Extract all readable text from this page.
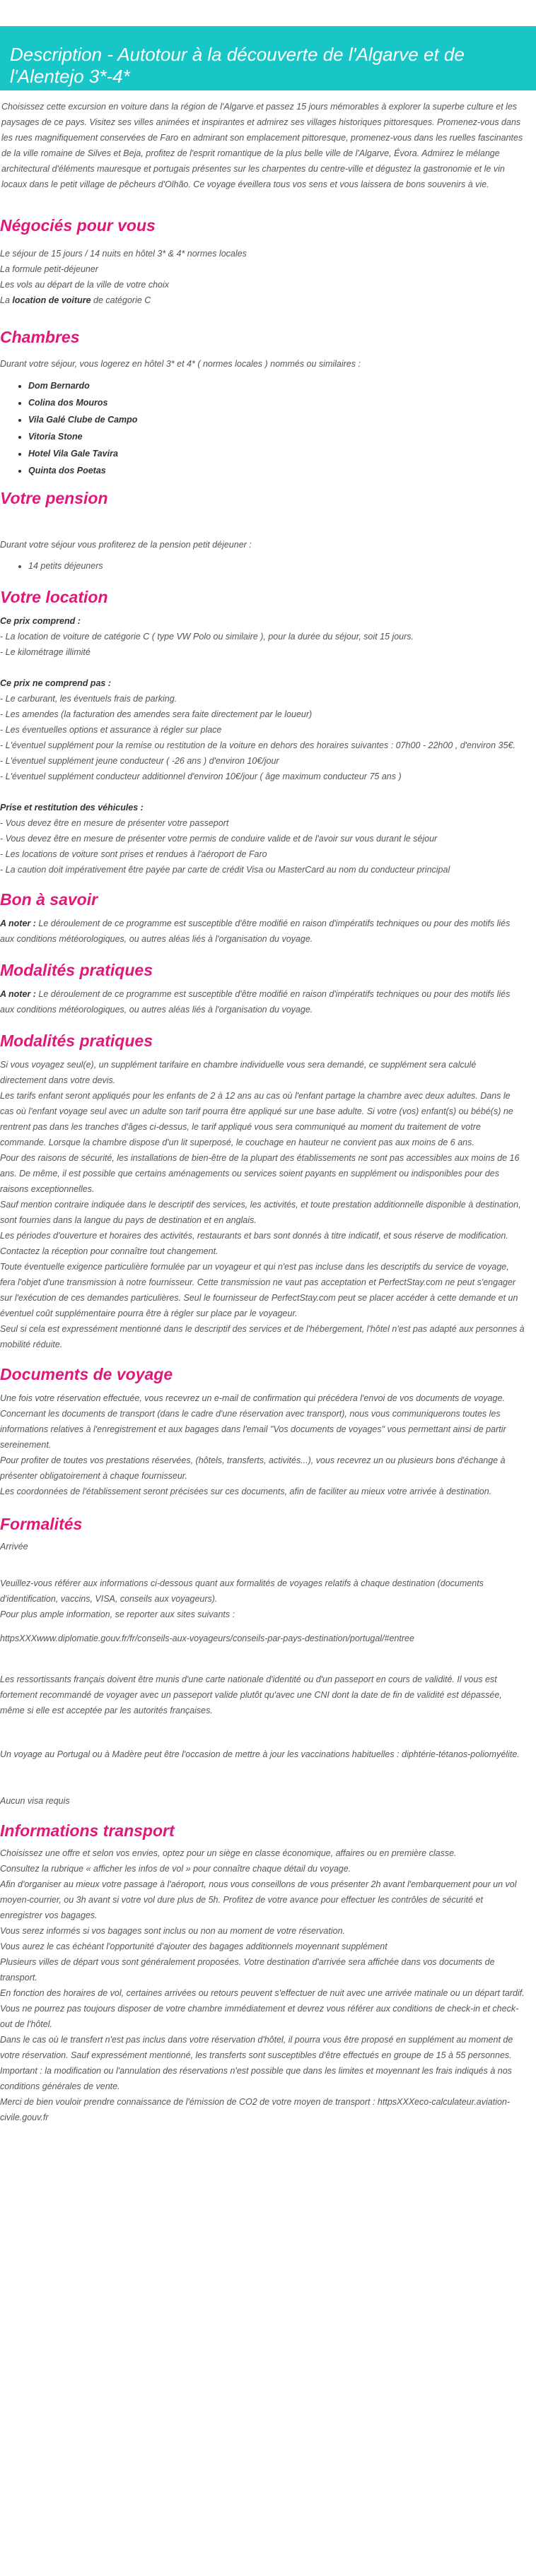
Description - Autotour à la découverte de l'Algarve et de l'Alentejo 3*-4*

Choisissez cette excursion en voiture dans la région de l'Algarve et passez 15 jours mémorables à explorer la superbe culture et les paysages de ce pays. Visitez ses villes animées et inspirantes et admirez ses villages historiques pittoresques. Promenez-vous dans les rues magnifiquement conservées de Faro en admirant son emplacement pittoresque, promenez-vous dans les ruelles fascinantes de la ville romaine de Silves et Beja, profitez de l'esprit romantique de la plus belle ville de l'Algarve, Évora. Admirez le mélange architectural d'éléments mauresque et portugais présentes sur les charpentes du centre-ville et dégustez la gastronomie et le vin locaux dans le petit village de pêcheurs d'Olhão. Ce voyage éveillera tous vos sens et vous laissera de bons souvenirs à vie.

Négociés pour vous

Le séjour de 15 jours / 14 nuits en hôtel 3* & 4* normes locales

La formule petit-déjeuner

Les vols au départ de la ville de votre choix

La location de voiture de catégorie C

Chambres

Durant votre séjour, vous logerez en hôtel 3* et 4* ( normes locales ) nommés ou similaires :

• Dom Bernardo
• Colina dos Mouros
• Vila Galé Clube de Campo
• Vitoria Stone
• Hotel Vila Gale Tavira
• Quinta dos Poetas
Votre pension

Durant votre séjour vous profiterez de la pension petit déjeuner :

• 14 petits déjeuners
Votre location

Ce prix comprend :

- La location de voiture de catégorie C ( type VW Polo ou similaire ), pour la durée du séjour, soit 15 jours.

- Le kilométrage illimité

Ce prix ne comprend pas :

- Le carburant, les éventuels frais de parking.

- Les amendes (la facturation des amendes sera faite directement par le loueur)

- Les éventuelles options et assurance à régler sur place

- L'éventuel supplément pour la remise ou restitution de la voiture en dehors des horaires suivantes : 07h00 - 22h00 , d'environ 35€.

- L'éventuel supplément jeune conducteur ( -26 ans ) d'environ 10€/jour

- L'éventuel supplément conducteur additionnel d'environ 10€/jour ( âge maximum conducteur 75 ans )

Prise et restitution des véhicules :

- Vous devez être en mesure de présenter votre passeport

- Vous devez être en mesure de présenter votre permis de conduire valide et de l'avoir sur vous durant le séjour

- Les locations de voiture sont prises et rendues à l'aéroport de Faro

- La caution doit impérativement être payée par carte de crédit Visa ou MasterCard au nom du conducteur principal

Bon à savoir

A noter : Le déroulement de ce programme est susceptible d'être modifié en raison d'impératifs techniques ou pour des motifs liés aux conditions météorologiques, ou autres aléas liés à l'organisation du voyage.

Modalités pratiques

A noter : Le déroulement de ce programme est susceptible d'être modifié en raison d'impératifs techniques ou pour des motifs liés aux conditions météorologiques, ou autres aléas liés à l'organisation du voyage.

Modalités pratiques

Si vous voyagez seul(e), un supplément tarifaire en chambre individuelle vous sera demandé, ce supplément sera calculé directement dans votre devis.
Les tarifs enfant seront appliqués pour les enfants de 2 à 12 ans au cas où l'enfant partage la chambre avec deux adultes. Dans le cas où l'enfant voyage seul avec un adulte son tarif pourra être appliqué sur une base adulte. Si votre (vos) enfant(s) ou bébé(s) ne rentrent pas dans les tranches d'âges ci-dessus, le tarif appliqué vous sera communiqué au moment du traitement de votre commande. Lorsque la chambre dispose d'un lit superposé, le couchage en hauteur ne convient pas aux moins de 6 ans.
Pour des raisons de sécurité, les installations de bien-être de la plupart des établissements ne sont pas accessibles aux moins de 16 ans. De même, il est possible que certains aménagements ou services soient payants en supplément ou indisponibles pour des raisons exceptionnelles.
Sauf mention contraire indiquée dans le descriptif des services, les activités, et toute prestation additionnelle disponible à destination, sont fournies dans la langue du pays de destination et en anglais.
Les périodes d'ouverture et horaires des activités, restaurants et bars sont donnés à titre indicatif, et sous réserve de modification. Contactez la réception pour connaître tout changement.
Toute éventuelle exigence particulière formulée par un voyageur et qui n'est pas incluse dans les descriptifs du service de voyage, fera l'objet d'une transmission à notre fournisseur. Cette transmission ne vaut pas acceptation et PerfectStay.com ne peut s'engager sur l'exécution de ces demandes particulières. Seul le fournisseur de PerfectStay.com peut se placer accéder à cette demande et un éventuel coût supplémentaire pourra être à régler sur place par le voyageur.
Seul si cela est expressément mentionné dans le descriptif des services et de l'hébergement, l'hôtel n'est pas adapté aux personnes à mobilité réduite.

Documents de voyage

Une fois votre réservation effectuée, vous recevrez un e-mail de confirmation qui précédera l'envoi de vos documents de voyage.
Concernant les documents de transport (dans le cadre d'une réservation avec transport), nous vous communiquerons toutes les informations relatives à l'enregistrement et aux bagages dans l'email "Vos documents de voyages" vous permettant ainsi de partir sereinement.
Pour profiter de toutes vos prestations réservées, (hôtels, transferts, activités...), vous recevrez un ou plusieurs bons d'échange à présenter obligatoirement à chaque fournisseur.
Les coordonnées de l'établissement seront précisées sur ces documents, afin de faciliter au mieux votre arrivée à destination.

Formalités

Arrivée

Veuillez-vous référer aux informations ci-dessous quant aux formalités de voyages relatifs à chaque destination (documents d'identification, vaccins, VISA, conseils aux voyageurs).
Pour plus ample information, se reporter aux sites suivants :

httpsXXXwww.diplomatie.gouv.fr/fr/conseils-aux-voyageurs/conseils-par-pays-destination/portugal/#entree

Les ressortissants français doivent être munis d'une carte nationale d'identité ou d'un passeport en cours de validité. Il vous est fortement recommandé de voyager avec un passeport valide plutôt qu'avec une CNI dont la date de fin de validité est dépassée, même si elle est acceptée par les autorités françaises.

Un voyage au Portugal ou à Madère peut être l'occasion de mettre à jour les vaccinations habituelles : diphtérie-tétanos-poliomyélite.

Aucun visa requis

Informations transport

Choisissez une offre et selon vos envies, optez pour un siège en classe économique, affaires ou en première classe.
Consultez la rubrique « afficher les infos de vol » pour connaître chaque détail du voyage.
Afin d'organiser au mieux votre passage à l'aéroport, nous vous conseillons de vous présenter 2h avant l'embarquement pour un vol moyen-courrier, ou 3h avant si votre vol dure plus de 5h. Profitez de votre avance pour effectuer les contrôles de sécurité et enregistrer vos bagages.
Vous serez informés si vos bagages sont inclus ou non au moment de votre réservation.
Vous aurez le cas échéant l'opportunité d'ajouter des bagages additionnels moyennant supplément
Plusieurs villes de départ vous sont généralement proposées. Votre destination d'arrivée sera affichée dans vos documents de transport.
En fonction des horaires de vol, certaines arrivées ou retours peuvent s'effectuer de nuit avec une arrivée matinale ou un départ tardif. Vous ne pourrez pas toujours disposer de votre chambre immédiatement et devrez vous référer aux conditions de check-in et check-out de l'hôtel.
Dans le cas où le transfert n'est pas inclus dans votre réservation d'hôtel, il pourra vous être proposé en supplément au moment de votre réservation. Sauf expressément mentionné, les transferts sont susceptibles d'être effectués en groupe de 15 à 55 personnes.
Important : la modification ou l'annulation des réservations n'est possible que dans les limites et moyennant les frais indiqués à nos conditions générales de vente.
Merci de bien vouloir prendre connaissance de l'émission de CO2 de votre moyen de transport : httpsXXXeco-calculateur.aviation-civile.gouv.fr
